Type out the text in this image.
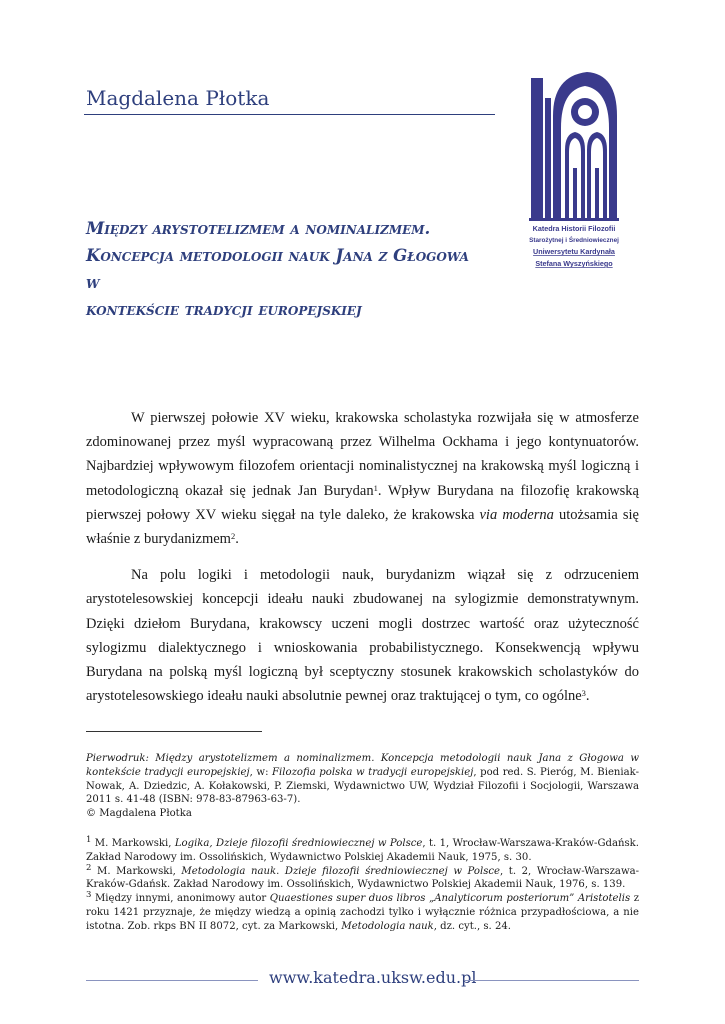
Magdalena Płotka
Między arystotelizmem a nominalizmem.
Koncepcja metodologii nauk Jana z Głogowa w
kontekście tradycji europejskiej
Katedra Historii Filozofii
Starożytnej i Średniowiecznej
Uniwersytetu Kardynała
Stefana Wyszyńskiego

W pierwszej połowie XV wieku, krakowska scholastyka rozwijała się w atmosferze zdominowanej przez myśl wypracowaną przez Wilhelma Ockhama i jego kontynuatorów. Najbardziej wpływowym filozofem orientacji nominalistycznej na krakowską myśl logiczną i metodologiczną okazał się jednak Jan Burydan$^1$. Wpływ Burydana na filozofię krakowską pierwszej połowy XV wieku sięgał na tyle daleko, że krakowska via moderna utożsamia się właśnie z burydanizmem$^2$.

Na polu logiki i metodologii nauk, burydanizm wiązał się z odrzuceniem arystotelesowskiej koncepcji ideału nauki zbudowanej na sylogizmie demonstratywnym. Dzięki dziełom Burydana, krakowscy uczeni mogli dostrzec wartość oraz użyteczność sylogizmu dialektycznego i wnioskowania probabilistycznego. Konsekwencją wpływu Burydana na polską myśl logiczną był sceptyczny stosunek krakowskich scholastyków do arystotelesowskiego ideału nauki absolutnie pewnej oraz traktującej o tym, co ogólne$^3$.

Pierwodruk: Między arystotelizmem a nominalizmem. Koncepcja metodologii nauk Jana z Głogowa w kontekście tradycji europejskiej, w: Filozofia polska w tradycji europejskiej, pod red. S. Pieróg, M. Bieniak-Nowak, A. Dziedzic, A. Kołakowski, P. Ziemski, Wydawnictwo UW, Wydział Filozofii i Socjologii, Warszawa 2011 s. 41-48 (ISBN: 978-83-87963-63-7).
© Magdalena Płotka

$^1$ M. Markowski, Logika, Dzieje filozofii średniowiecznej w Polsce, t. 1, Wrocław-Warszawa-Kraków-Gdańsk. Zakład Narodowy im. Ossolińskich, Wydawnictwo Polskiej Akademii Nauk, 1975, s. 30.

$^2$ M. Markowski, Metodologia nauk. Dzieje filozofii średniowiecznej w Polsce, t. 2, Wrocław-Warszawa-Kraków-Gdańsk. Zakład Narodowy im. Ossolińskich, Wydawnictwo Polskiej Akademii Nauk, 1976, s. 139.

$^3$ Między innymi, anonimowy autor Quaestiones super duos libros „Analyticorum posteriorum” Aristotelis z roku 1421 przyznaje, że między wiedzą a opinią zachodzi tylko i wyłącznie różnica przypadłościowa, a nie istotna. Zob. rkps BN II 8072, cyt. za Markowski, Metodologia nauk, dz. cyt., s. 24.

www.katedra.uksw.edu.pl
